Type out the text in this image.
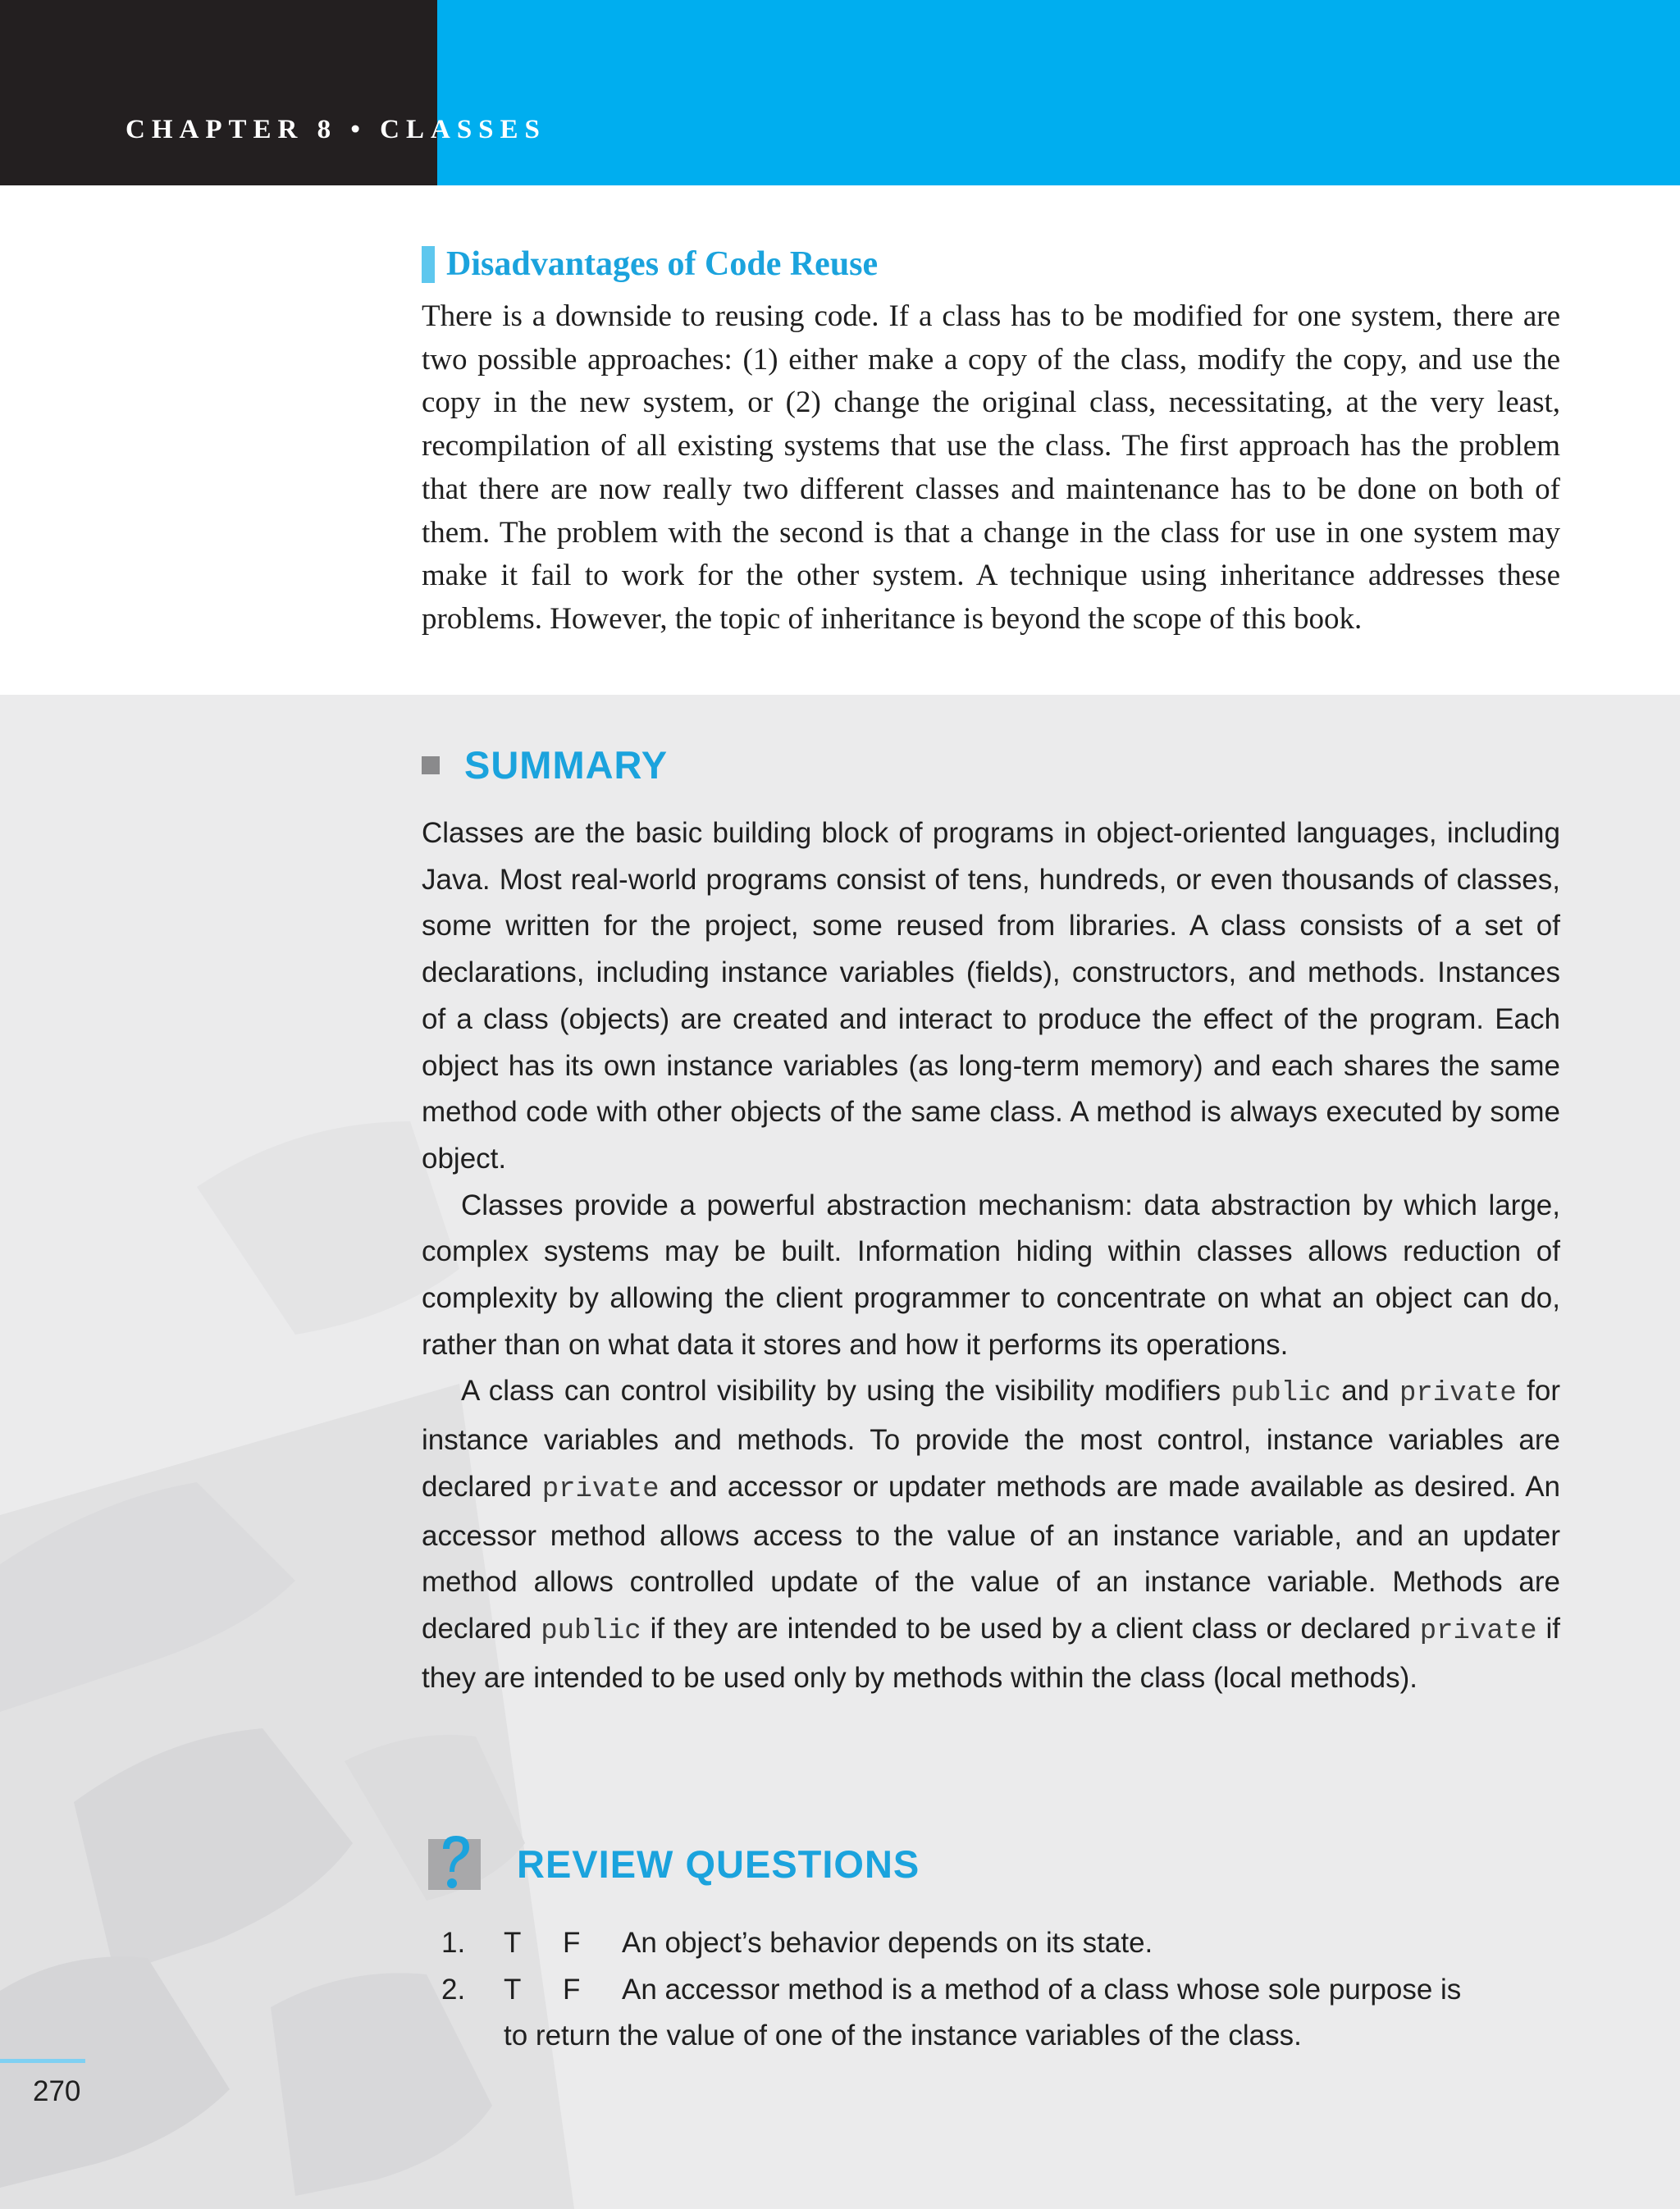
CHAPTER 8 • CLASSES
Disadvantages of Code Reuse

There is a downside to reusing code. If a class has to be modified for one system, there are two possible approaches: (1) either make a copy of the class, modify the copy, and use the copy in the new system, or (2) change the original class, necessitating, at the very least, recompilation of all existing systems that use the class. The first approach has the problem that there are now really two different classes and maintenance has to be done on both of them. The problem with the second is that a change in the class for use in one system may make it fail to work for the other system. A technique using inheritance addresses these problems. However, the topic of inheritance is beyond the scope of this book.

SUMMARY

Classes are the basic building block of programs in object-oriented languages, including Java. Most real-world programs consist of tens, hundreds, or even thousands of classes, some written for the project, some reused from libraries. A class consists of a set of declarations, including instance variables (fields), constructors, and methods. Instances of a class (objects) are created and interact to produce the effect of the program. Each object has its own instance variables (as long-term memory) and each shares the same method code with other objects of the same class. A method is always executed by some object.

Classes provide a powerful abstraction mechanism: data abstraction by which large, complex systems may be built. Information hiding within classes allows reduction of complexity by allowing the client programmer to concentrate on what an object can do, rather than on what data it stores and how it performs its operations.

A class can control visibility by using the visibility modifiers public and private for instance variables and methods. To provide the most control, instance variables are declared private and accessor or updater methods are made available as desired. An accessor method allows access to the value of an instance variable, and an updater method allows controlled update of the value of an instance variable. Methods are declared public if they are intended to be used by a client class or declared private if they are intended to be used only by methods within the class (local methods).

REVIEW QUESTIONS
1.	T	F	An object’s behavior depends on its state.
2.	T	F	An accessor method is a method of a class whose sole purpose is
to return the value of one of the instance variables of the class.
270
